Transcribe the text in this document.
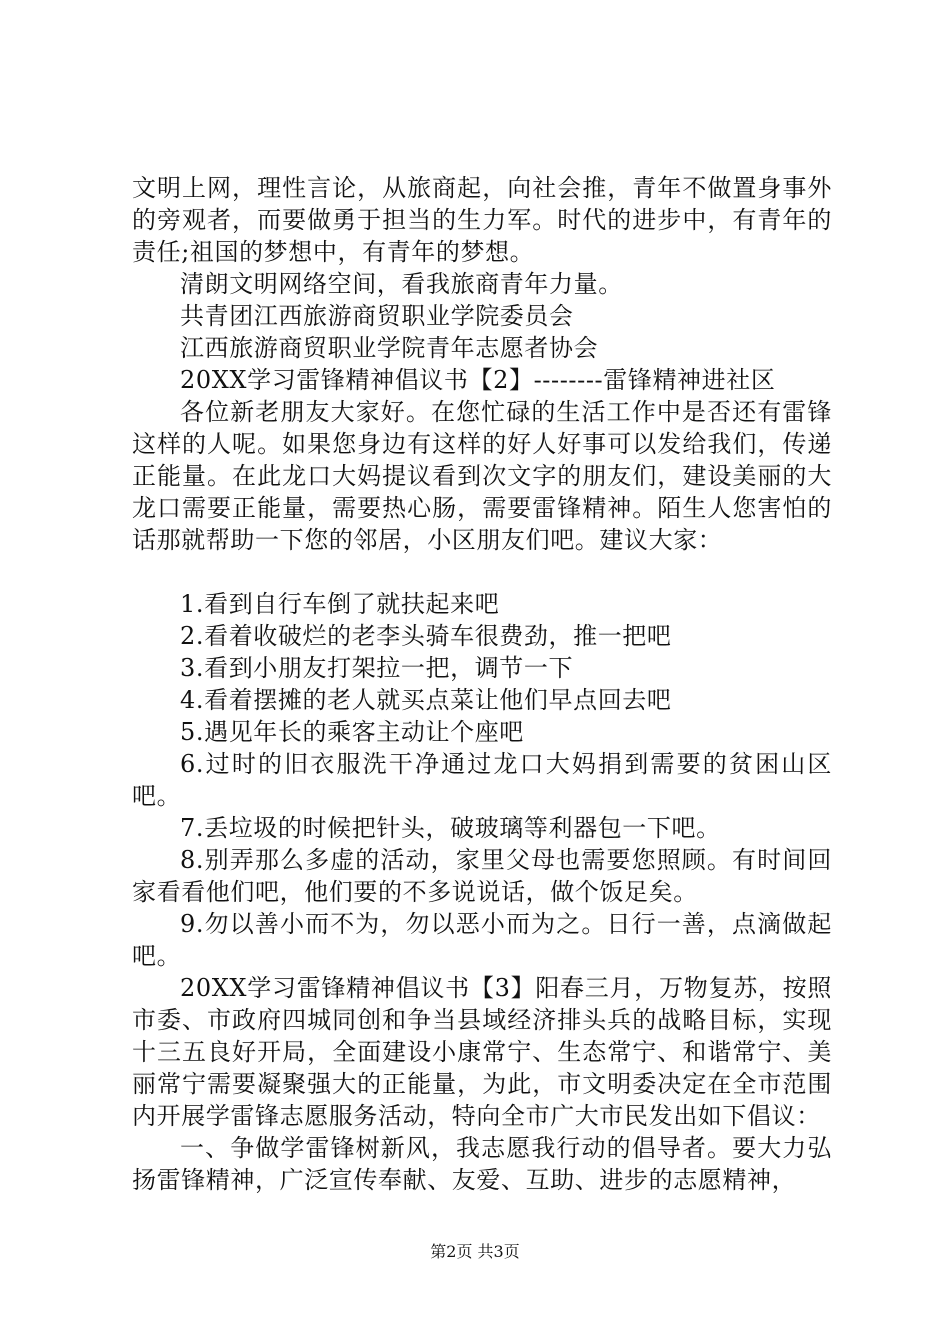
文明上网，理性言论，从旅商起，向社会推，青年不做置身事外的旁观者，而要做勇于担当的生力军。时代的进步中，有青年的责任;祖国的梦想中，有青年的梦想。

清朗文明网络空间，看我旅商青年力量。

共青团江西旅游商贸职业学院委员会

江西旅游商贸职业学院青年志愿者协会

20XX学习雷锋精神倡议书【2】--------雷锋精神进社区

各位新老朋友大家好。在您忙碌的生活工作中是否还有雷锋这样的人呢。如果您身边有这样的好人好事可以发给我们，传递正能量。在此龙口大妈提议看到次文字的朋友们，建设美丽的大龙口需要正能量，需要热心肠，需要雷锋精神。陌生人您害怕的话那就帮助一下您的邻居，小区朋友们吧。建议大家：

1.看到自行车倒了就扶起来吧

2.看着收破烂的老李头骑车很费劲，推一把吧

3.看到小朋友打架拉一把，调节一下

4.看着摆摊的老人就买点菜让他们早点回去吧

5.遇见年长的乘客主动让个座吧

6.过时的旧衣服洗干净通过龙口大妈捐到需要的贫困山区吧。

7.丢垃圾的时候把针头，破玻璃等利器包一下吧。

8.别弄那么多虚的活动，家里父母也需要您照顾。有时间回家看看他们吧，他们要的不多说说话，做个饭足矣。

9.勿以善小而不为，勿以恶小而为之。日行一善，点滴做起吧。

20XX学习雷锋精神倡议书【3】阳春三月，万物复苏，按照市委、市政府四城同创和争当县域经济排头兵的战略目标，实现十三五良好开局，全面建设小康常宁、生态常宁、和谐常宁、美丽常宁需要凝聚强大的正能量，为此，市文明委决定在全市范围内开展学雷锋志愿服务活动，特向全市广大市民发出如下倡议：

一、争做学雷锋树新风，我志愿我行动的倡导者。要大力弘扬雷锋精神，广泛宣传奉献、友爱、互助、进步的志愿精神，

第2页 共3页
